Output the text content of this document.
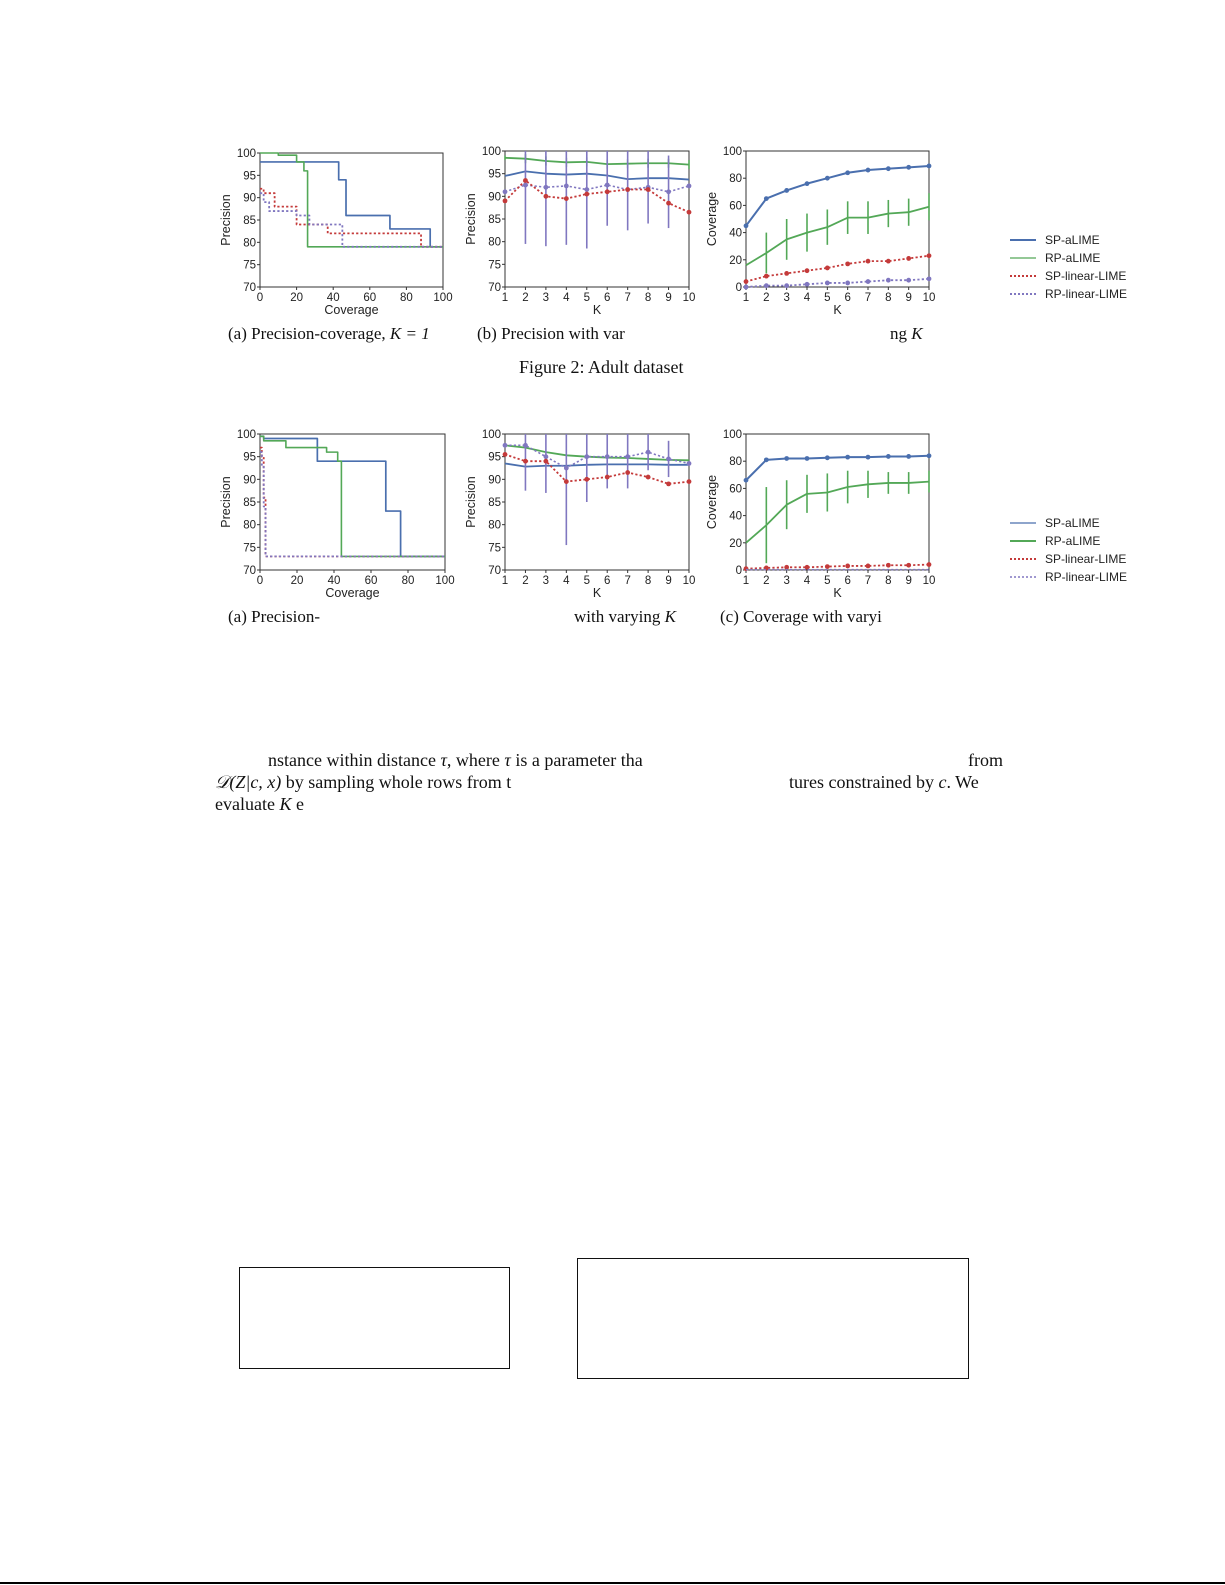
70
75
80
85
90
95
100
0 20 40 60 80 100
Coverage
Precision
70
75
80
85
90
95
100
1 2 3 4 5 6 7 8 9 10
K
Precision
0
20
40
60
80
100
1 2 3 4 5 6 7 8 9 10
K
Coverage	SP-aLIME
RP-aLIME
SP-linear-LIME
RP-linear-LIME
(a) Precision-coverage, K = 1	(b) Precision with var	ng K
Figure 2: Adult dataset
70
75
80
85
90
95
100
0 20 40 60 80 100
Coverage
Precision
70
75
80
85
90
95
100
1 2 3 4 5 6 7 8 9 10
K
Precision
0
20
40
60
80
100
1 2 3 4 5 6 7 8 9 10
K
Coverage	SP-aLIME
RP-aLIME
SP-linear-LIME
RP-linear-LIME
(a) Precision-	with varying K	(c) Coverage with varyi
nstance within distance τ, where τ is a parameter tha	from
𝒟(Z|c, x) by sampling whole rows from t	tures constrained by c. We
evaluate K e
